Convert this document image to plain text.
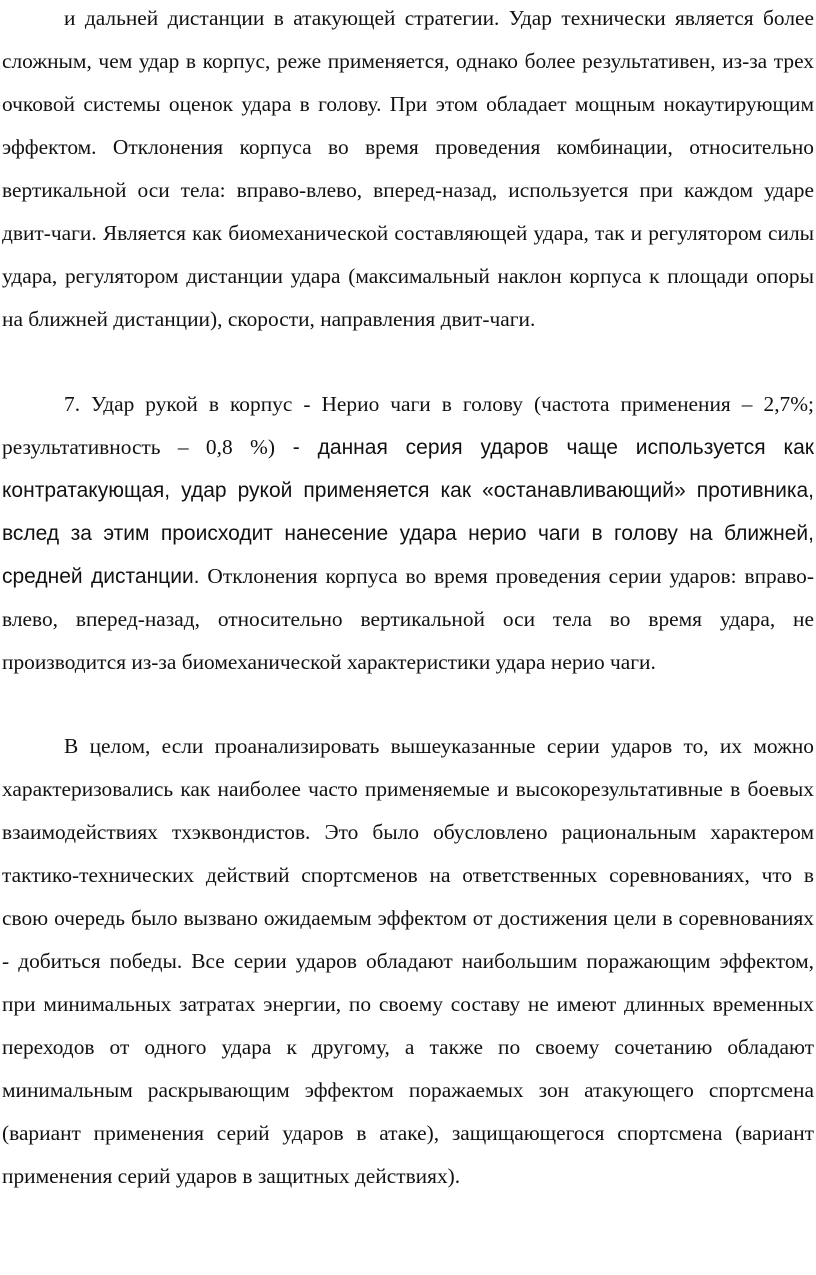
и дальней дистанции в атакующей стратегии. Удар технически является более сложным, чем удар в корпус, реже применяется, однако более результативен, из-за трех очковой системы оценок удара в голову. При этом обладает мощным нокаутирующим эффектом. Отклонения корпуса во время проведения комбинации, относительно вертикальной оси тела: вправо-влево, вперед-назад, используется при каждом ударе двит-чаги. Является как биомеханической составляющей удара, так и регулятором силы удара, регулятором дистанции удара (максимальный наклон корпуса к площади опоры на ближней дистанции), скорости, направления двит-чаги.

7. Удар рукой в корпус - Нерио чаги в голову (частота применения – 2,7%; результативность – 0,8 %) - данная серия ударов чаще используется как контратакующая, удар рукой применяется как «останавливающий» противника, вслед за этим происходит нанесение удара нерио чаги в голову на ближней, средней дистанции. Отклонения корпуса во время проведения серии ударов: вправо-влево, вперед-назад, относительно вертикальной оси тела во время удара, не производится из-за биомеханической характеристики удара нерио чаги.

В целом, если проанализировать вышеуказанные серии ударов то, их можно характеризовались как наиболее часто применяемые и высокорезультативные в боевых взаимодействиях тхэквондистов. Это было обусловлено рациональным характером тактико-технических действий спортсменов на ответственных соревнованиях, что в свою очередь было вызвано ожидаемым эффектом от достижения цели в соревнованиях - добиться победы. Все серии ударов обладают наибольшим поражающим эффектом, при минимальных затратах энергии, по своему составу не имеют длинных временных переходов от одного удара к другому, а также по своему сочетанию обладают минимальным раскрывающим эффектом поражаемых зон атакующего спортсмена (вариант применения серий ударов в атаке), защищающегося спортсмена (вариант применения серий ударов в защитных действиях).
